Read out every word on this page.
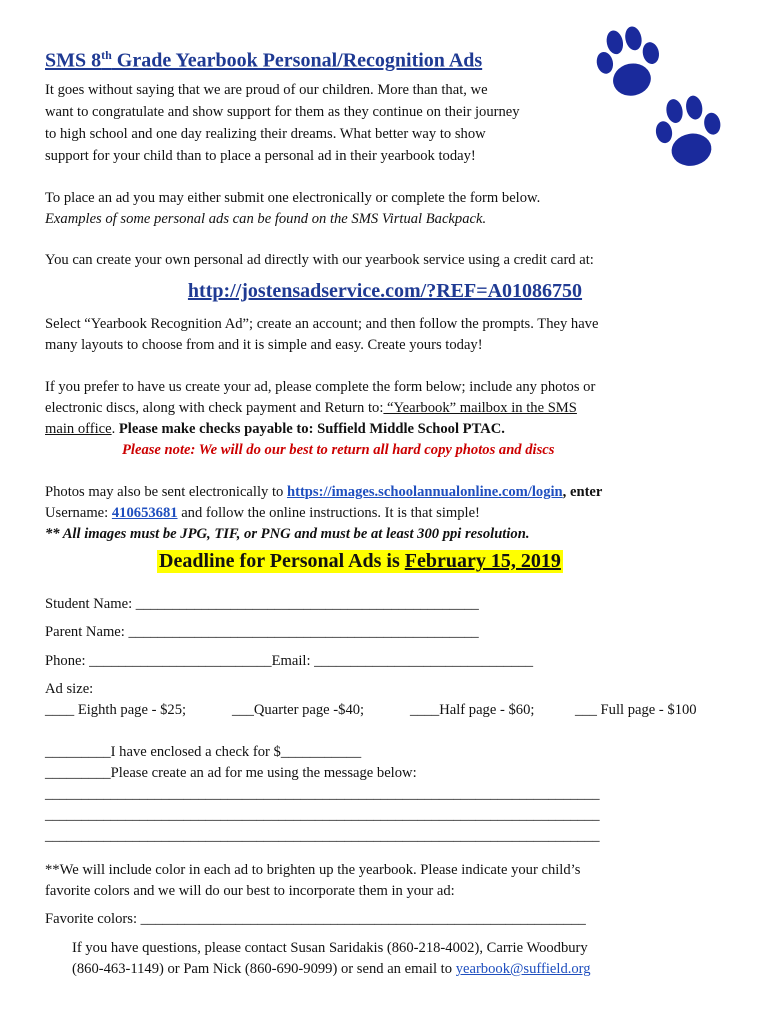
SMS 8th Grade Yearbook Personal/Recognition Ads
It goes without saying that we are proud of our children. More than that, we
want to congratulate and show support for them as they continue on their journey
to high school and one day realizing their dreams. What better way to show
support for your child than to place a personal ad in their yearbook today!
To place an ad you may either submit one electronically or complete the form below.
Examples of some personal ads can be found on the SMS Virtual Backpack.
You can create your own personal ad directly with our yearbook service using a credit card at:
http://jostensadservice.com/?REF=A01086750
Select “Yearbook Recognition Ad”; create an account; and then follow the prompts. They have
many layouts to choose from and it is simple and easy. Create yours today!
If you prefer to have us create your ad, please complete the form below; include any photos or
electronic discs, along with check payment and Return to: “Yearbook” mailbox in the SMS
main office. Please make checks payable to: Suffield Middle School PTAC.
Please note: We will do our best to return all hard copy photos and discs
Photos may also be sent electronically to https://images.schoolannualonline.com/login, enter
Username: 410653681 and follow the online instructions. It is that simple!
** All images must be JPG, TIF, or PNG and must be at least 300 ppi resolution.
Deadline for Personal Ads is February 15, 2019
Student Name: _______________________________________________
Parent Name: ________________________________________________
Phone: _________________________Email: ______________________________
Ad size:
____ Eighth page - $25;	___Quarter page -$40;	____Half page - $60;	___ Full page - $100
_________I have enclosed a check for $___________
_________Please create an ad for me using the message below:
____________________________________________________________________________
____________________________________________________________________________
____________________________________________________________________________
**We will include color in each ad to brighten up the yearbook. Please indicate your child’s
favorite colors and we will do our best to incorporate them in your ad:
Favorite colors: _____________________________________________________________
If you have questions, please contact Susan Saridakis (860-218-4002), Carrie Woodbury
(860-463-1149) or Pam Nick (860-690-9099) or send an email to yearbook@suffield.org
